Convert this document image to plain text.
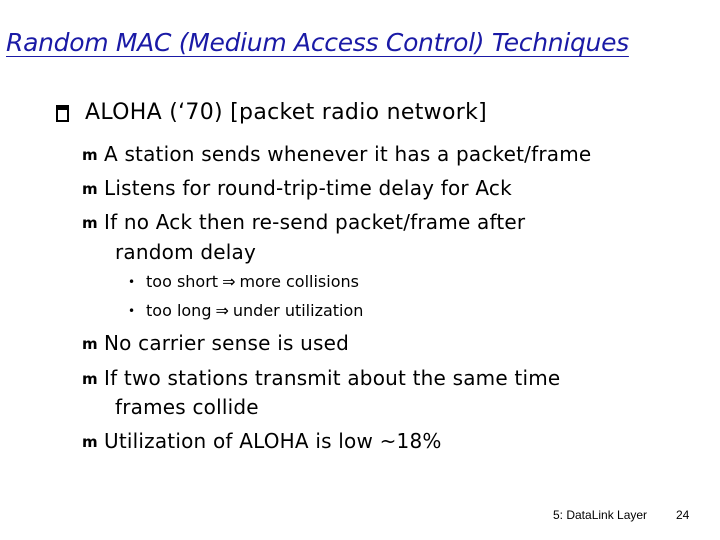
Random MAC (Medium Access Control) Techniques
ALOHA (‘70) [packet radio network]
m A station sends whenever it has a packet/frame
m Listens for round-trip-time delay for Ack
m If no Ack then re-send packet/frame after
random delay
• too short ⇒ more collisions
• too long ⇒ under utilization
m No carrier sense is used
m If two stations transmit about the same time
frames collide
m Utilization of ALOHA is low ~18%
5: DataLink Layer 24
